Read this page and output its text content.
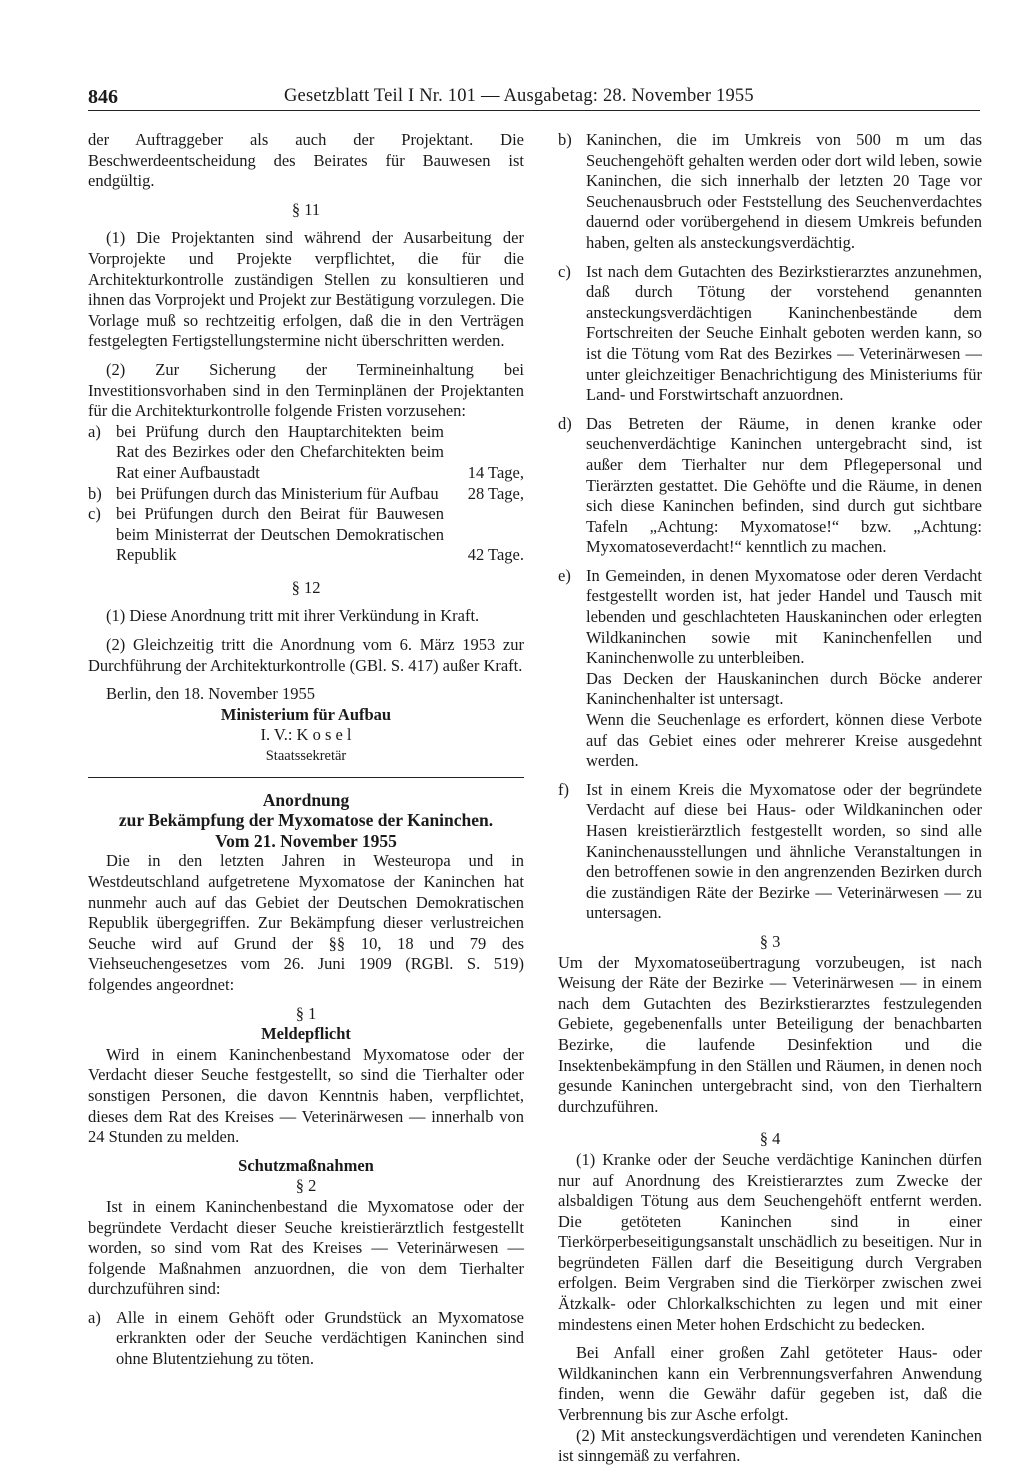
846	Gesetzblatt Teil I Nr. 101 — Ausgabetag: 28. November 1955

der Auftraggeber als auch der Projektant. Die Beschwerdeentscheidung des Beirates für Bauwesen ist endgültig.

§ 11

(1) Die Projektanten sind während der Ausarbeitung der Vorprojekte und Projekte verpflichtet, die für die Architekturkontrolle zuständigen Stellen zu konsultieren und ihnen das Vorprojekt und Projekt zur Bestätigung vorzulegen. Die Vorlage muß so rechtzeitig erfolgen, daß die in den Verträgen festgelegten Fertigstellungstermine nicht überschritten werden.

(2) Zur Sicherung der Termineinhaltung bei Investitionsvorhaben sind in den Terminplänen der Projektanten für die Architekturkontrolle folgende Fristen vorzusehen:

a) bei Prüfung durch den Hauptarchitekten beim Rat des Bezirkes oder den Chefarchitekten beim Rat einer Aufbaustadt	14 Tage,
b) bei Prüfungen durch das Ministerium für Aufbau 28 Tage,
c) bei Prüfungen durch den Beirat für Bauwesen beim Ministerrat der Deutschen Demokratischen Republik	42 Tage.

§ 12

(1) Diese Anordnung tritt mit ihrer Verkündung in Kraft.

(2) Gleichzeitig tritt die Anordnung vom 6. März 1953 zur Durchführung der Architekturkontrolle (GBl. S. 417) außer Kraft.

Berlin, den 18. November 1955

Ministerium für Aufbau

I. V.: K o s e l

Staatssekretär

Anordnung

zur Bekämpfung der Myxomatose der Kaninchen.

Vom 21. November 1955

Die in den letzten Jahren in Westeuropa und in Westdeutschland aufgetretene Myxomatose der Kaninchen hat nunmehr auch auf das Gebiet der Deutschen Demokratischen Republik übergegriffen. Zur Bekämpfung dieser verlustreichen Seuche wird auf Grund der §§ 10, 18 und 79 des Viehseuchengesetzes vom 26. Juni 1909 (RGBl. S. 519) folgendes angeordnet:

§ 1

Meldepflicht

Wird in einem Kaninchenbestand Myxomatose oder der Verdacht dieser Seuche festgestellt, so sind die Tierhalter oder sonstigen Personen, die davon Kenntnis haben, verpflichtet, dieses dem Rat des Kreises — Veterinärwesen — innerhalb von 24 Stunden zu melden.

Schutzmaßnahmen

§ 2

Ist in einem Kaninchenbestand die Myxomatose oder der begründete Verdacht dieser Seuche kreistierärztlich festgestellt worden, so sind vom Rat des Kreises — Veterinärwesen — folgende Maßnahmen anzuordnen, die von dem Tierhalter durchzuführen sind:

a) Alle in einem Gehöft oder Grundstück an Myxomatose erkrankten oder der Seuche verdächtigen Kaninchen sind ohne Blutentziehung zu töten.
b) Kaninchen, die im Umkreis von 500 m um das Seuchengehöft gehalten werden oder dort wild leben, sowie Kaninchen, die sich innerhalb der letzten 20 Tage vor Seuchenausbruch oder Feststellung des Seuchenverdachtes dauernd oder vorübergehend in diesem Umkreis befunden haben, gelten als ansteckungsverdächtig.
c) Ist nach dem Gutachten des Bezirkstierarztes anzunehmen, daß durch Tötung der vorstehend genannten ansteckungsverdächtigen Kaninchenbestände dem Fortschreiten der Seuche Einhalt geboten werden kann, so ist die Tötung vom Rat des Bezirkes — Veterinärwesen — unter gleichzeitiger Benachrichtigung des Ministeriums für Land- und Forstwirtschaft anzuordnen.
d) Das Betreten der Räume, in denen kranke oder seuchenverdächtige Kaninchen untergebracht sind, ist außer dem Tierhalter nur dem Pflegepersonal und Tierärzten gestattet. Die Gehöfte und die Räume, in denen sich diese Kaninchen befinden, sind durch gut sichtbare Tafeln „Achtung: Myxomatose!“ bzw. „Achtung: Myxomatoseverdacht!“ kenntlich zu machen.
e) In Gemeinden, in denen Myxomatose oder deren Verdacht festgestellt worden ist, hat jeder Handel und Tausch mit lebenden und geschlachteten Hauskaninchen oder erlegten Wildkaninchen sowie mit Kaninchenfellen und Kaninchenwolle zu unterbleiben.

Das Decken der Hauskaninchen durch Böcke anderer Kaninchenhalter ist untersagt.

Wenn die Seuchenlage es erfordert, können diese Verbote auf das Gebiet eines oder mehrerer Kreise ausgedehnt werden.

f) Ist in einem Kreis die Myxomatose oder der begründete Verdacht auf diese bei Haus- oder Wildkaninchen oder Hasen kreistierärztlich festgestellt worden, so sind alle Kaninchenausstellungen und ähnliche Veranstaltungen in den betroffenen sowie in den angrenzenden Bezirken durch die zuständigen Räte der Bezirke — Veterinärwesen — zu untersagen.

§ 3

Um der Myxomatoseübertragung vorzubeugen, ist nach Weisung der Räte der Bezirke — Veterinärwesen — in einem nach dem Gutachten des Bezirkstierarztes festzulegenden Gebiete, gegebenenfalls unter Beteiligung der benachbarten Bezirke, die laufende Desinfektion und die Insektenbekämpfung in den Ställen und Räumen, in denen noch gesunde Kaninchen untergebracht sind, von den Tierhaltern durchzuführen.

§ 4

(1) Kranke oder der Seuche verdächtige Kaninchen dürfen nur auf Anordnung des Kreistierarztes zum Zwecke der alsbaldigen Tötung aus dem Seuchengehöft entfernt werden. Die getöteten Kaninchen sind in einer Tierkörperbeseitigungsanstalt unschädlich zu beseitigen. Nur in begründeten Fällen darf die Beseitigung durch Vergraben erfolgen. Beim Vergraben sind die Tierkörper zwischen zwei Ätzkalk- oder Chlorkalkschichten zu legen und mit einer mindestens einen Meter hohen Erdschicht zu bedecken.

Bei Anfall einer großen Zahl getöteter Haus- oder Wildkaninchen kann ein Verbrennungsverfahren Anwendung finden, wenn die Gewähr dafür gegeben ist, daß die Verbrennung bis zur Asche erfolgt.

(2) Mit ansteckungsverdächtigen und verendeten Kaninchen ist sinngemäß zu verfahren.
